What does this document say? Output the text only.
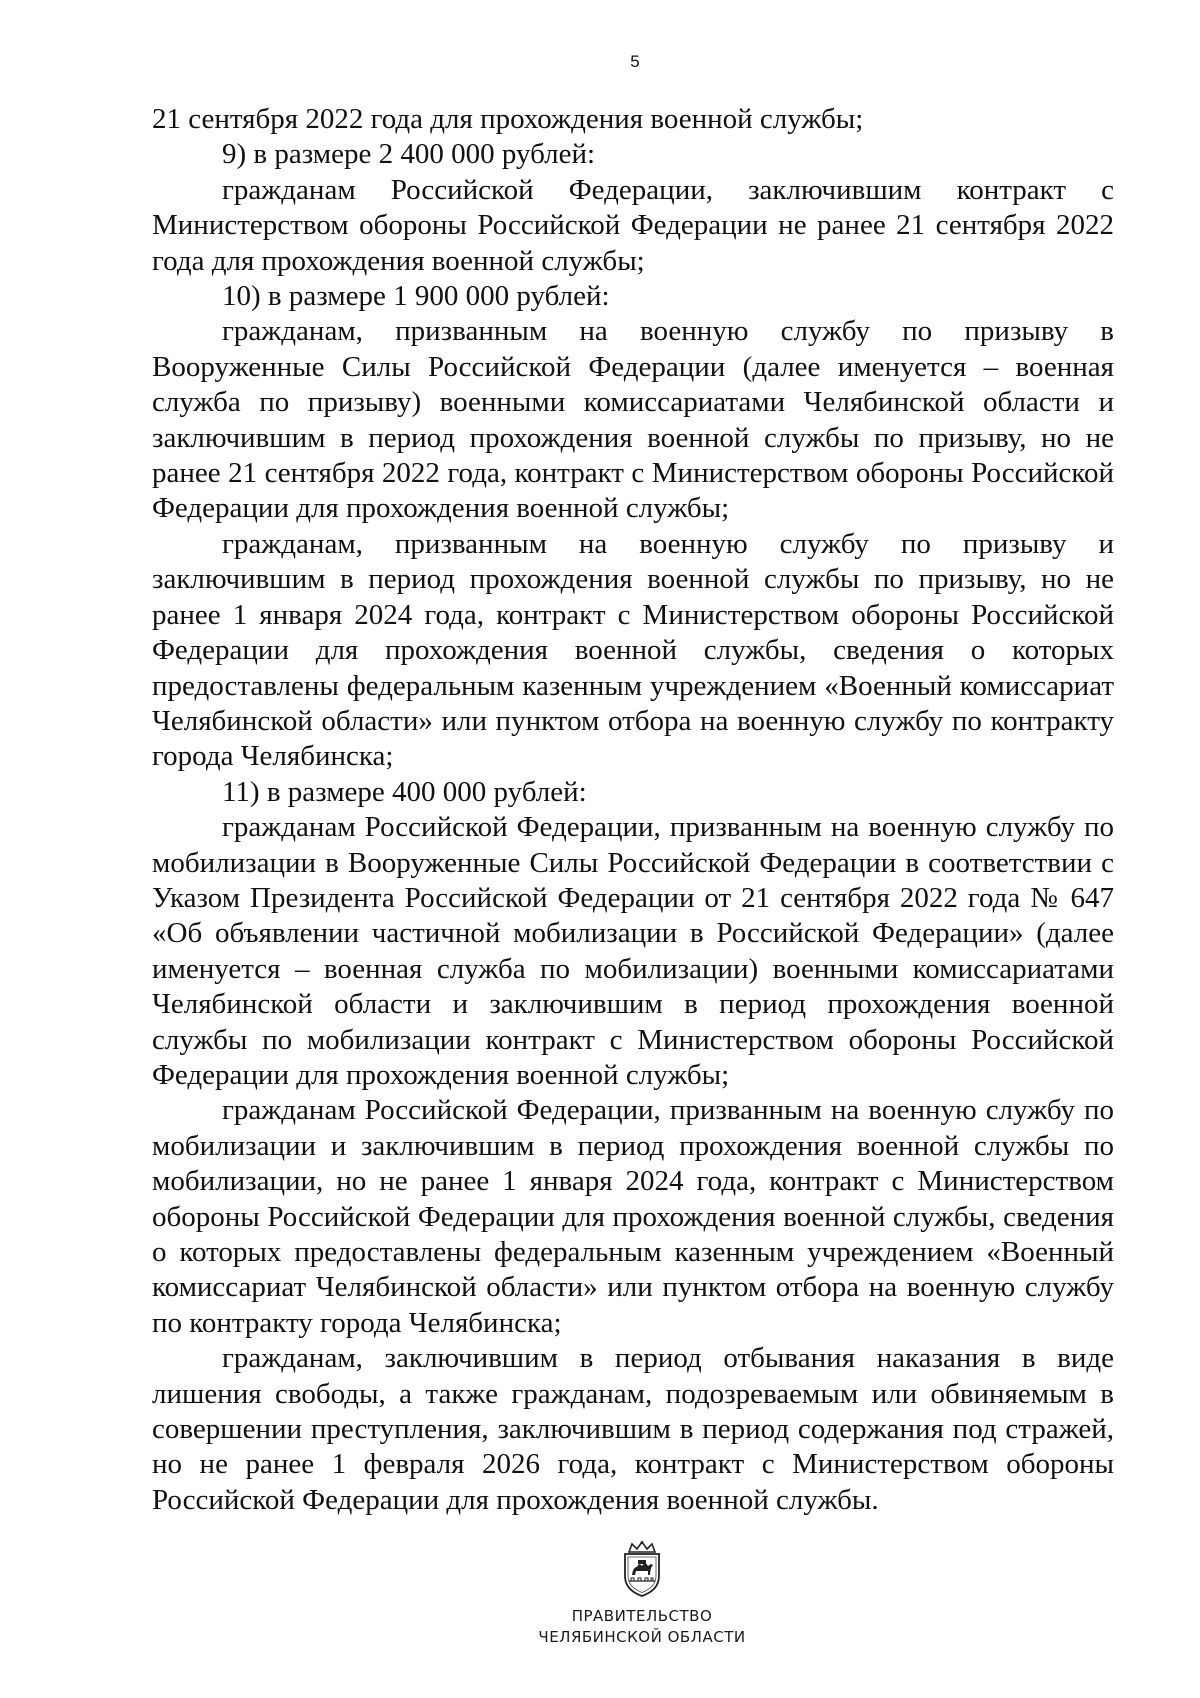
5

21 сентября 2022 года для прохождения военной службы;

9) в размере 2 400 000 рублей:

гражданам Российской Федерации, заключившим контракт с Министерством обороны Российской Федерации не ранее 21 сентября 2022 года для прохождения военной службы;

10) в размере 1 900 000 рублей:

гражданам, призванным на военную службу по призыву в Вооруженные Силы Российской Федерации (далее именуется – военная служба по призыву) военными комиссариатами Челябинской области и заключившим в период прохождения военной службы по призыву, но не ранее 21 сентября 2022 года, контракт с Министерством обороны Российской Федерации для прохождения военной службы;

гражданам, призванным на военную службу по призыву и заключившим в период прохождения военной службы по призыву, но не ранее 1 января 2024 года, контракт с Министерством обороны Российской Федерации для прохождения военной службы, сведения о которых предоставлены федеральным казенным учреждением «Военный комиссариат Челябинской области» или пунктом отбора на военную службу по контракту города Челябинска;

11) в размере 400 000 рублей:

гражданам Российской Федерации, призванным на военную службу по мобилизации в Вооруженные Силы Российской Федерации в соответствии с Указом Президента Российской Федерации от 21 сентября 2022 года № 647 «Об объявлении частичной мобилизации в Российской Федерации» (далее именуется – военная служба по мобилизации) военными комиссариатами Челябинской области и заключившим в период прохождения военной службы по мобилизации контракт с Министерством обороны Российской Федерации для прохождения военной службы;

гражданам Российской Федерации, призванным на военную службу по мобилизации и заключившим в период прохождения военной службы по мобилизации, но не ранее 1 января 2024 года, контракт с Министерством обороны Российской Федерации для прохождения военной службы, сведения о которых предоставлены федеральным казенным учреждением «Военный комиссариат Челябинской области» или пунктом отбора на военную службу по контракту города Челябинска;

гражданам, заключившим в период отбывания наказания в виде лишения свободы, а также гражданам, подозреваемым или обвиняемым в совершении преступления, заключившим в период содержания под стражей, но не ранее 1 февраля 2026 года, контракт с Министерством обороны Российской Федерации для прохождения военной службы.

ПРАВИТЕЛЬСТВО
ЧЕЛЯБИНСКОЙ ОБЛАСТИ
